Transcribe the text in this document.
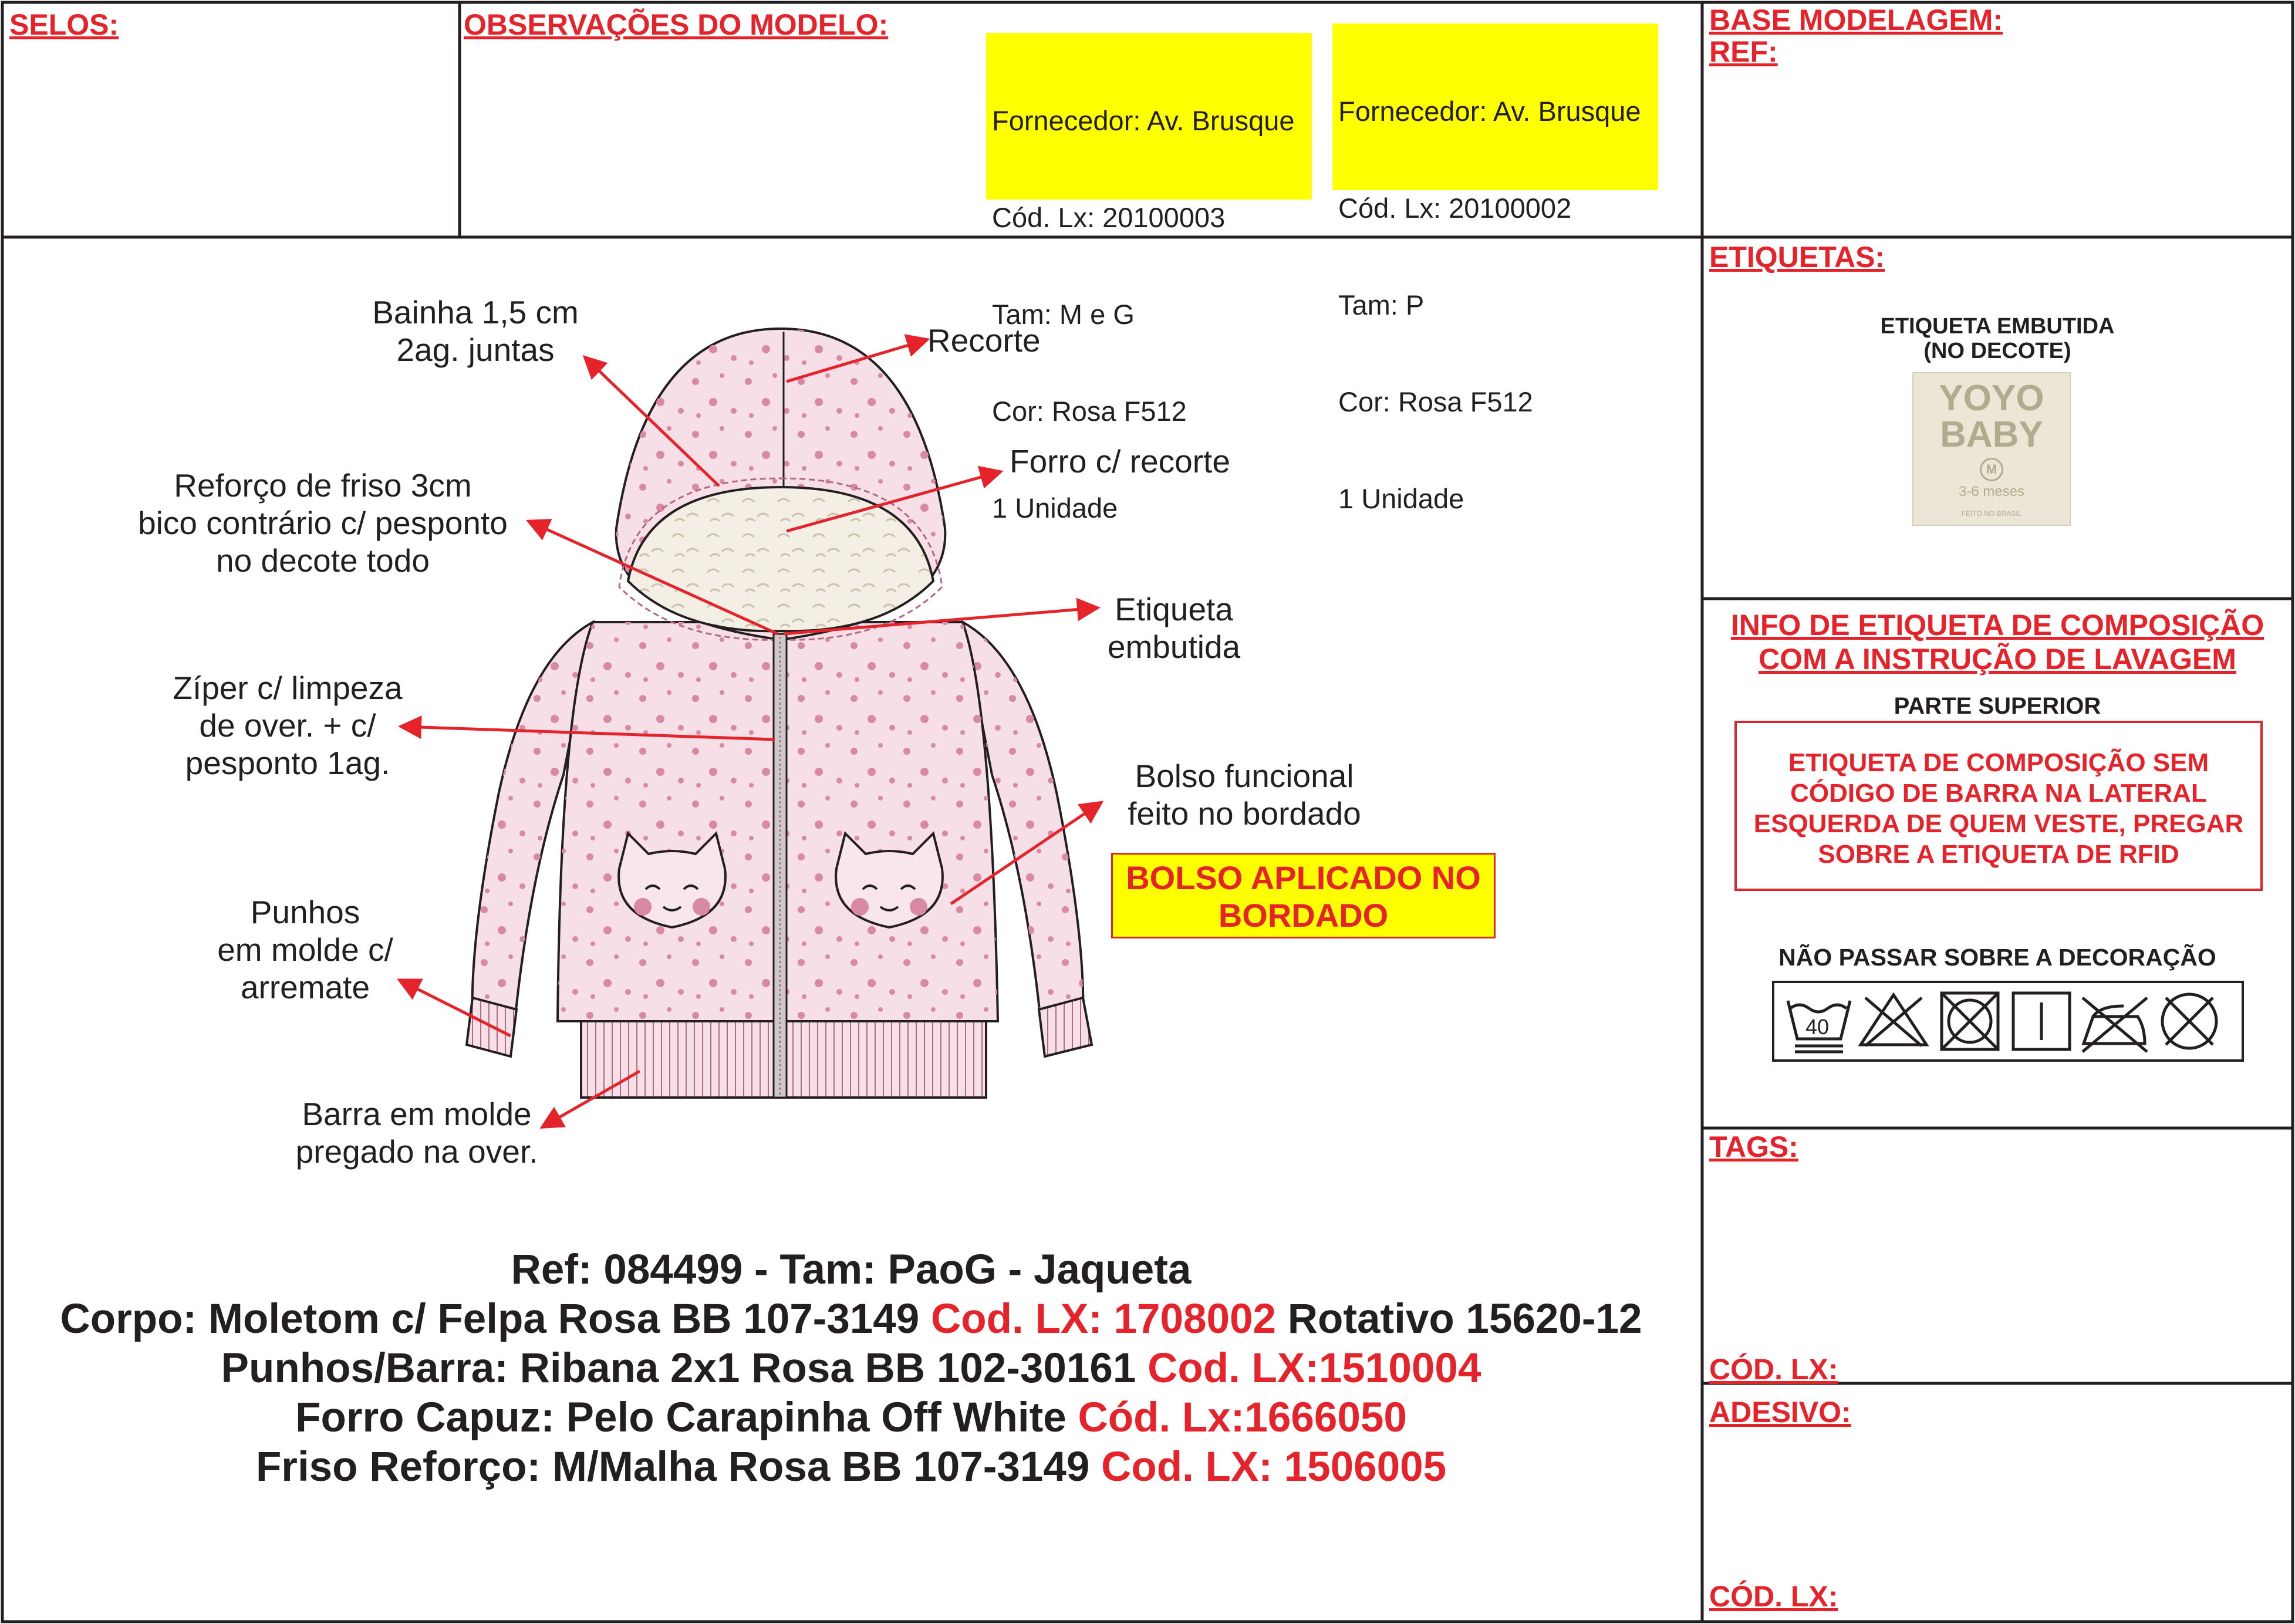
SELOS:	OBSERVAÇÕES DO MODELO:	BASE MODELAGEM:
REF:

Fornecedor: Av. Brusque

Cód. Lx: 20100003

Tam: M e G

Cor: Rosa F512

1 Unidade

Fornecedor: Av. Brusque

Cód. Lx: 20100002

Tam: P

Cor: Rosa F512

1 Unidade

Bainha 1,5 cm
2ag. juntas	Recorte
Forro c/ recorte
Reforço de friso 3cm
bico contrário c/ pesponto
no decote todo
Etiqueta
embutida
Zíper c/ limpeza
de over. + c/
pesponto 1ag.	Bolso funcional
feito no bordado
BOLSO APLICADO NO
BORDADO
Punhos
em molde c/
arremate
Barra em molde
pregado na over.
Ref: 084499 - Tam: PaoG - Jaqueta
Corpo: Moletom c/ Felpa Rosa BB 107-3149 Cod. LX: 1708002 Rotativo 15620-12
Punhos/Barra: Ribana 2x1 Rosa BB 102-30161 Cod. LX:1510004
Forro Capuz: Pelo Carapinha Off White Cód. Lx:1666050
Friso Reforço: M/Malha Rosa BB 107-3149 Cod. LX: 1506005
ETIQUETAS:
ETIQUETA EMBUTIDA
(NO DECOTE)
YOYO
BABY
M
3-6 meses
FEITO NO BRASIL
INFO DE ETIQUETA DE COMPOSIÇÃO
COM A INSTRUÇÃO DE LAVAGEM
PARTE SUPERIOR
ETIQUETA DE COMPOSIÇÃO SEM
CÓDIGO DE BARRA NA LATERAL
ESQUERDA DE QUEM VESTE, PREGAR
SOBRE A ETIQUETA DE RFID
NÃO PASSAR SOBRE A DECORAÇÃO
40
TAGS:
CÓD. LX:
ADESIVO:
CÓD. LX:
